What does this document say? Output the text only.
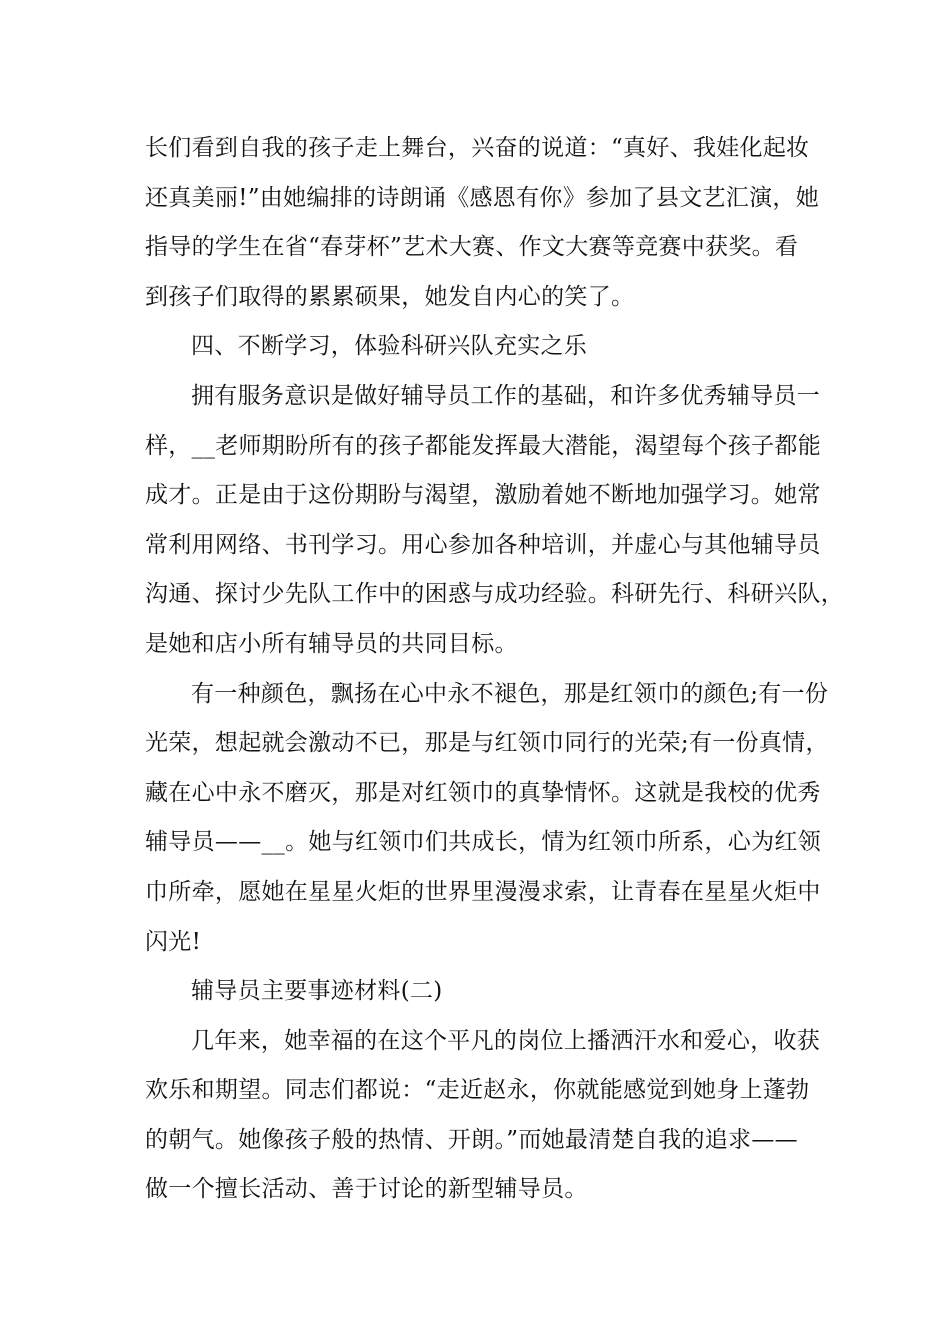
长们看到自我的孩子走上舞台，兴奋的说道：“真好、我娃化起妆
还真美丽!”由她编排的诗朗诵《感恩有你》参加了县文艺汇演，她
指导的学生在省“春芽杯”艺术大赛、作文大赛等竞赛中获奖。看
到孩子们取得的累累硕果，她发自内心的笑了。
四、不断学习，体验科研兴队充实之乐
拥有服务意识是做好辅导员工作的基础，和许多优秀辅导员一
样，__老师期盼所有的孩子都能发挥最大潜能，渴望每个孩子都能
成才。正是由于这份期盼与渴望，激励着她不断地加强学习。她常
常利用网络、书刊学习。用心参加各种培训，并虚心与其他辅导员
沟通、探讨少先队工作中的困惑与成功经验。科研先行、科研兴队，
是她和店小所有辅导员的共同目标。
有一种颜色，飘扬在心中永不褪色，那是红领巾的颜色;有一份
光荣，想起就会激动不已，那是与红领巾同行的光荣;有一份真情，
藏在心中永不磨灭，那是对红领巾的真挚情怀。这就是我校的优秀
辅导员——__。她与红领巾们共成长，情为红领巾所系，心为红领
巾所牵，愿她在星星火炬的世界里漫漫求索，让青春在星星火炬中
闪光!
辅导员主要事迹材料(二)
几年来，她幸福的在这个平凡的岗位上播洒汗水和爱心，收获
欢乐和期望。同志们都说：“走近赵永，你就能感觉到她身上蓬勃
的朝气。她像孩子般的热情、开朗。”而她最清楚自我的追求——
做一个擅长活动、善于讨论的新型辅导员。
